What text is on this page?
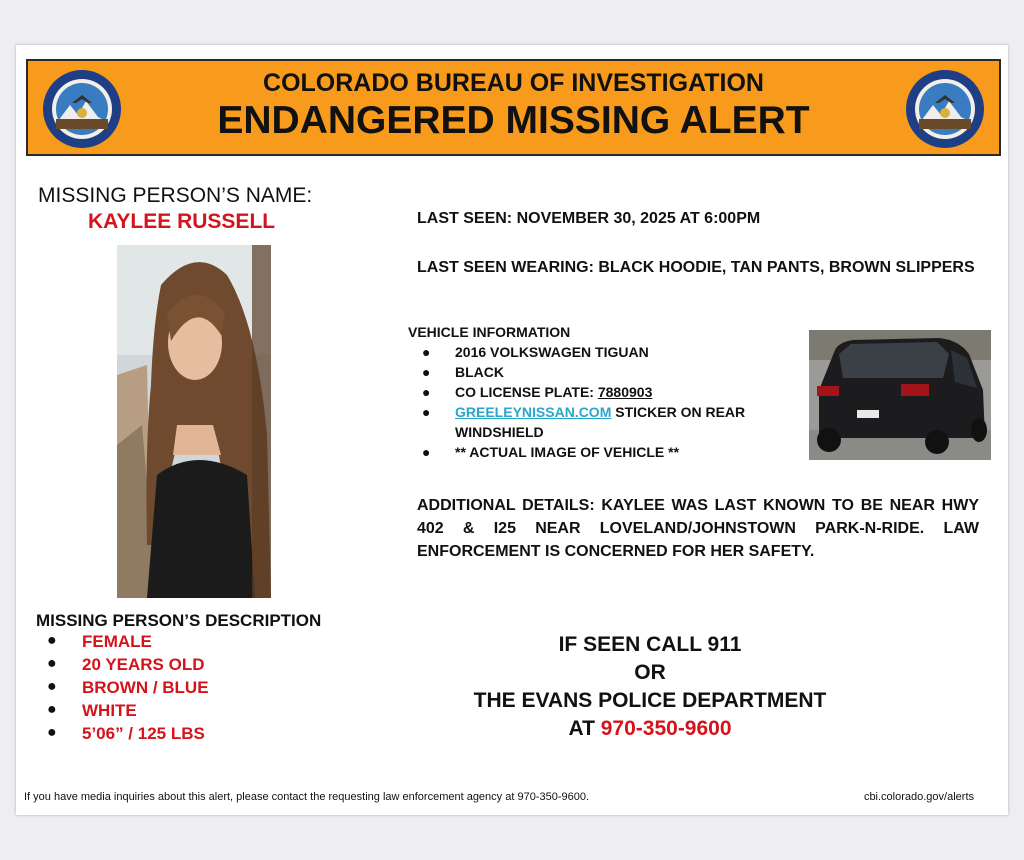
COLORADO BUREAU OF INVESTIGATION
ENDANGERED MISSING ALERT
MISSING PERSON’S NAME:
KAYLEE RUSSELL
MISSING PERSON’S DESCRIPTION
● FEMALE
● 20 YEARS OLD
● BROWN / BLUE
● WHITE
● 5’06” / 125 LBS
LAST SEEN: NOVEMBER 30, 2025 AT 6:00PM
LAST SEEN WEARING: BLACK HOODIE, TAN PANTS, BROWN SLIPPERS
VEHICLE INFORMATION
● 2016 VOLKSWAGEN TIGUAN
● BLACK
● CO LICENSE PLATE: 7880903
● GREELEYNISSAN.COM STICKER ON REAR WINDSHIELD
● ** ACTUAL IMAGE OF VEHICLE **
ADDITIONAL DETAILS: KAYLEE WAS LAST KNOWN TO BE NEAR HWY 402 & I25 NEAR LOVELAND/JOHNSTOWN PARK-N-RIDE. LAW ENFORCEMENT IS CONCERNED FOR HER SAFETY.
IF SEEN CALL 911
OR
THE EVANS POLICE DEPARTMENT
AT 970-350-9600
If you have media inquiries about this alert, please contact the requesting law enforcement agency at 970-350-9600.	cbi.colorado.gov/alerts
